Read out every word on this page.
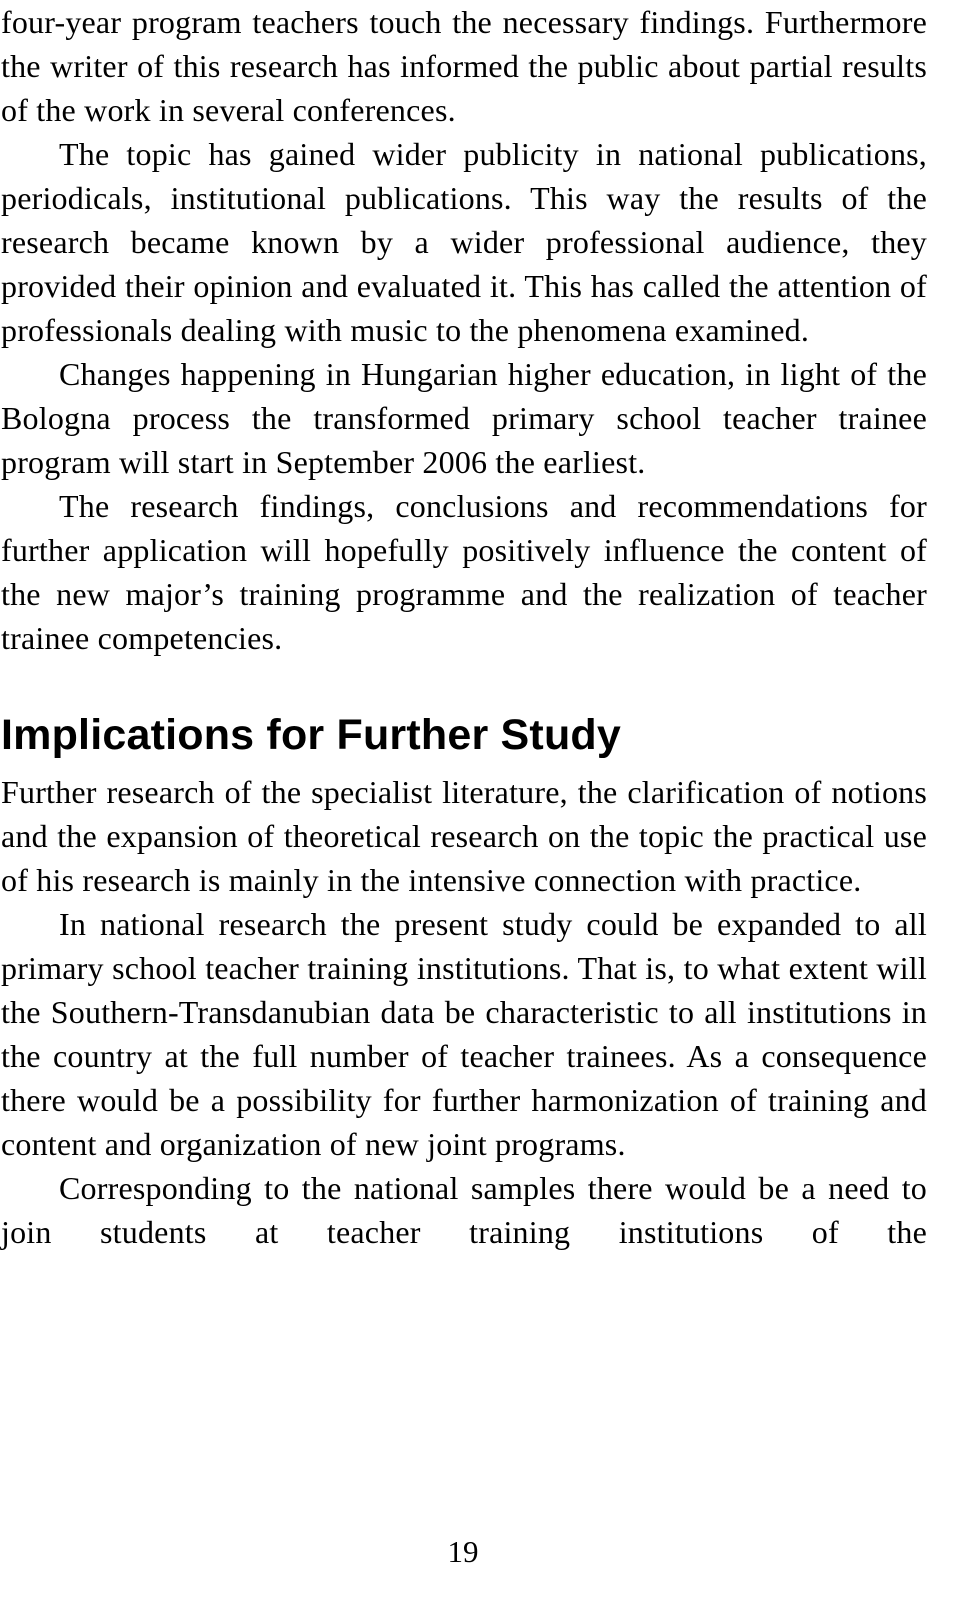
four-year program teachers touch the necessary findings. Furthermore the writer of this research has informed the public about partial results of the work in several conferences.

The topic has gained wider publicity in national publications, periodicals, institutional publications. This way the results of the research became known by a wider professional audience, they provided their opinion and evaluated it. This has called the attention of professionals dealing with music to the phenomena examined.

Changes happening in Hungarian higher education, in light of the Bologna process the transformed primary school teacher trainee program will start in September 2006 the earliest.

The research findings, conclusions and recommendations for further application will hopefully positively influence the content of the new major’s training programme and the realization of teacher trainee competencies.

Implications for Further Study

Further research of the specialist literature, the clarification of notions and the expansion of theoretical research on the topic the practical use of his research is mainly in the intensive connection with practice.

In national research the present study could be expanded to all primary school teacher training institutions. That is, to what extent will the Southern-Transdanubian data be characteristic to all institutions in the country at the full number of teacher trainees. As a consequence there would be a possibility for further harmonization of training and content and organization of new joint programs.

Corresponding to the national samples there would be a need to join students at teacher training institutions of the

19
